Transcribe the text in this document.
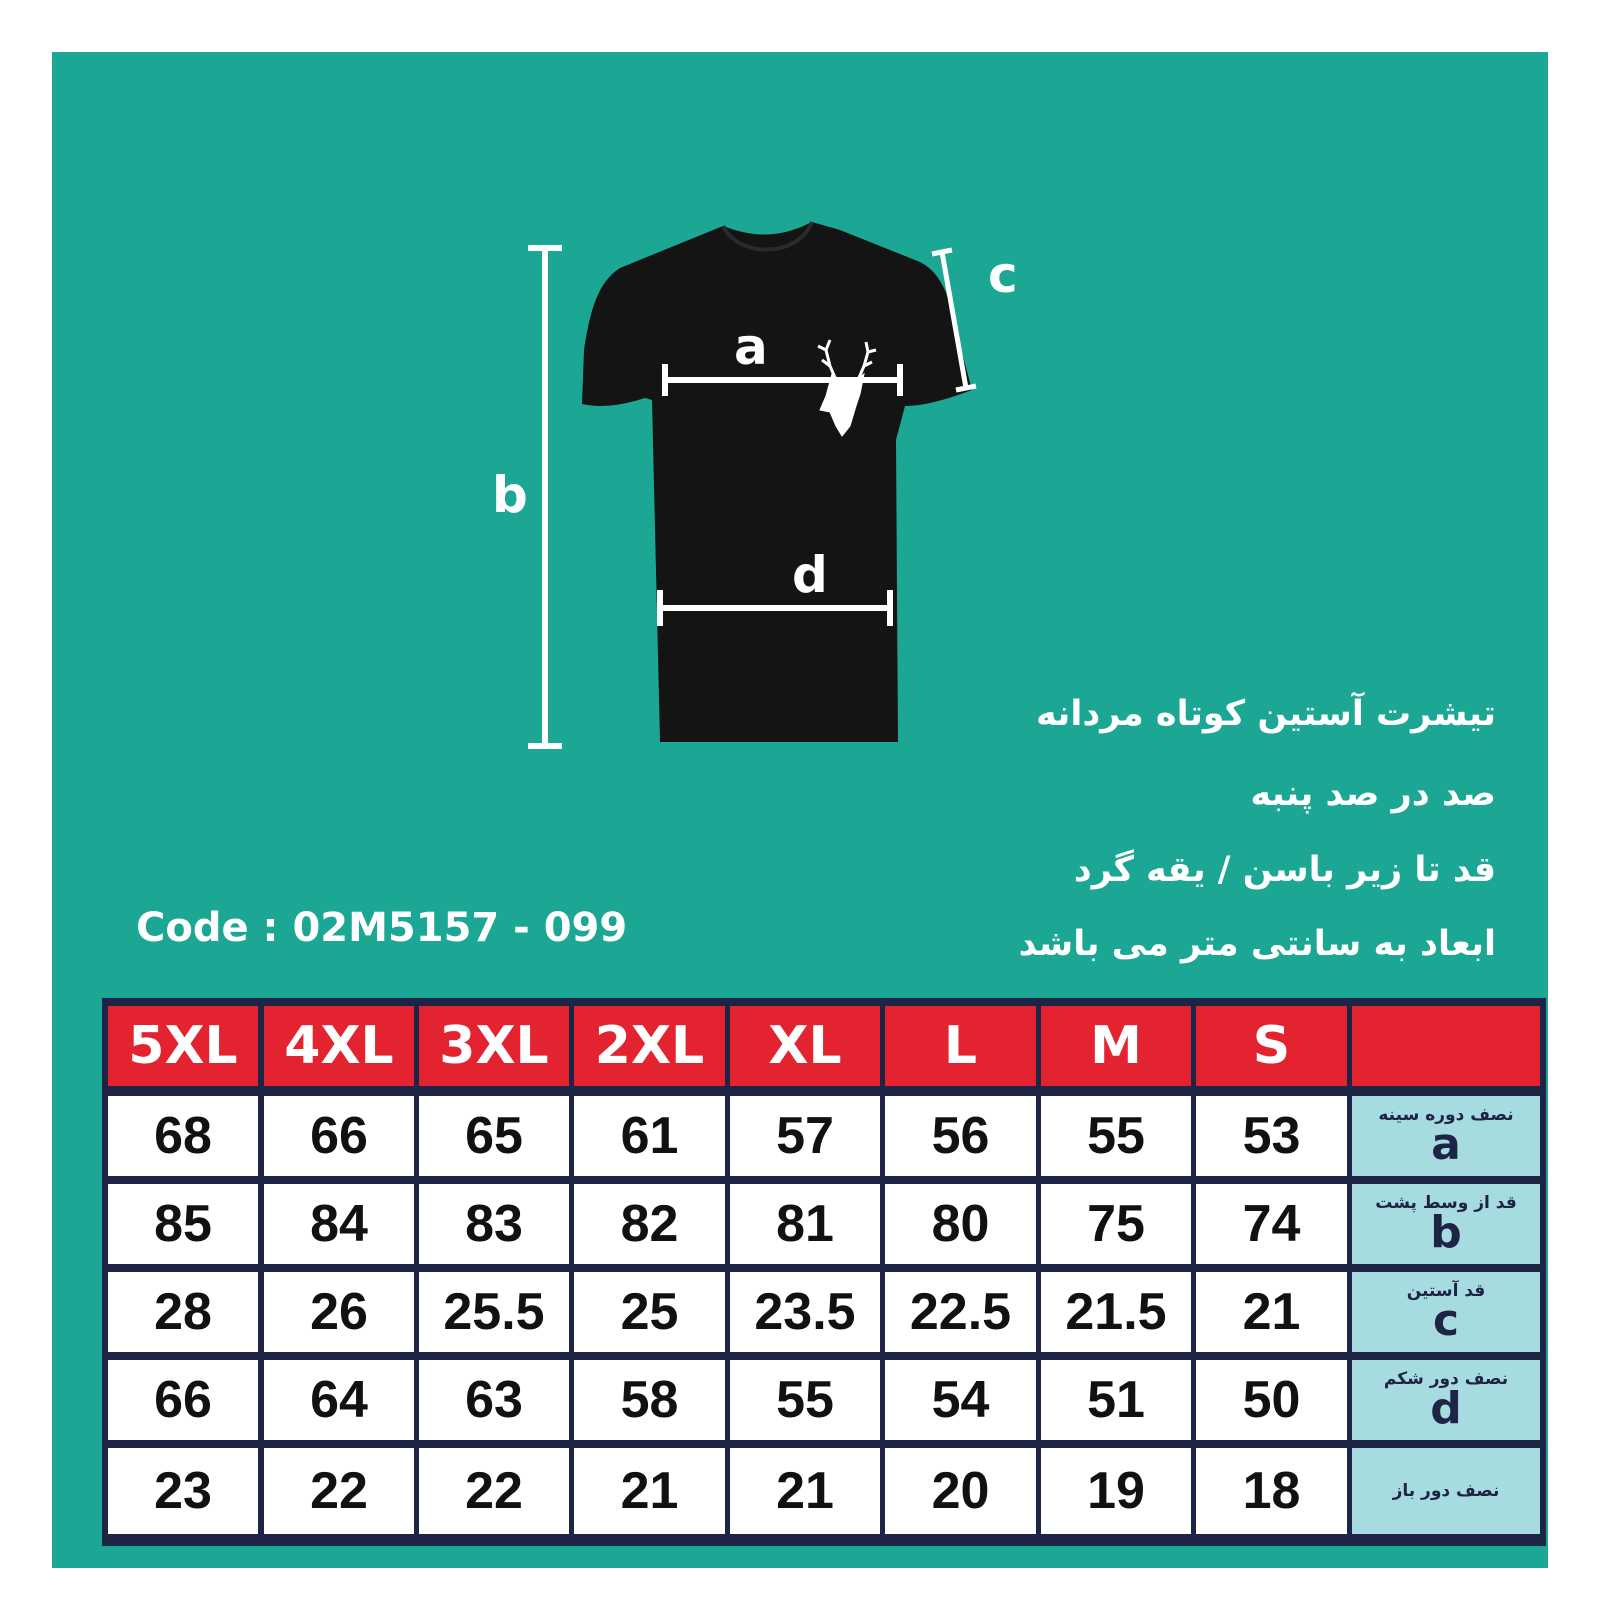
a
b
c
d
تیشرت آستین کوتاه مردانه
صد در صد پنبه
قد تا زیر باسن / یقه گرد
ابعاد به سانتی متر می باشد
Code : 02M5157 - 099
5XL 4XL 3XL 2XL	XL	L	M	S
68	66	65	61	57	56	55	53	نصف دوره سینه
a
85	84	83	82	81	80	75	74	قد از وسط پشت
b
28	26	25.5	25	23.5	22.5	21.5	21	قد آستین
c
66	64	63	58	55	54	51	50	نصف دور شکم
d
23	22	22	21	21	20	19	18	نصف دور باز
